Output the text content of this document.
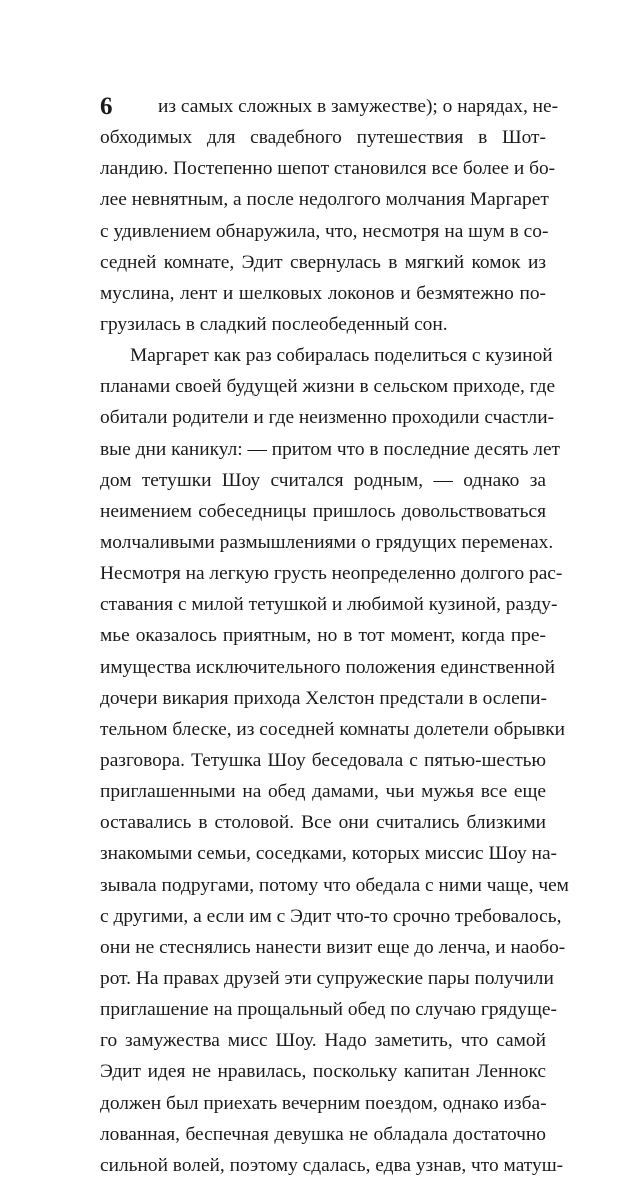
6	из самых сложных в замужестве); о нарядах, не-
обходимых для свадебного путешествия в Шот-
ландию. Постепенно шепот становился все более и бо-
лее невнятным, а после недолгого молчания Маргарет
с удивлением обнаружила, что, несмотря на шум в со-
седней комнате, Эдит свернулась в мягкий комок из
муслина, лент и шелковых локонов и безмятежно по-
грузилась в сладкий послеобеденный сон.
Маргарет как раз собиралась поделиться с кузиной
планами своей будущей жизни в сельском приходе, где
обитали родители и где неизменно проходили счастли-
вые дни каникул: — притом что в последние десять лет
дом тетушки Шоу считался родным, — однако за
неимением собеседницы пришлось довольствоваться
молчаливыми размышлениями о грядущих переменах.
Несмотря на легкую грусть неопределенно долгого рас-
ставания с милой тетушкой и любимой кузиной, разду-
мье оказалось приятным, но в тот момент, когда пре-
имущества исключительного положения единственной
дочери викария прихода Хелстон предстали в ослепи-
тельном блеске, из соседней комнаты долетели обрывки
разговора. Тетушка Шоу беседовала с пятью-шестью
приглашенными на обед дамами, чьи мужья все еще
оставались в столовой. Все они считались близкими
знакомыми семьи, соседками, которых миссис Шоу на-
зывала подругами, потому что обедала с ними чаще, чем
с другими, а если им с Эдит что-то срочно требовалось,
они не стеснялись нанести визит еще до ленча, и наобо-
рот. На правах друзей эти супружеские пары получили
приглашение на прощальный обед по случаю грядуще-
го замужества мисс Шоу. Надо заметить, что самой
Эдит идея не нравилась, поскольку капитан Леннокс
должен был приехать вечерним поездом, однако изба-
лованная, беспечная девушка не обладала достаточно
сильной волей, поэтому сдалась, едва узнав, что матуш-
